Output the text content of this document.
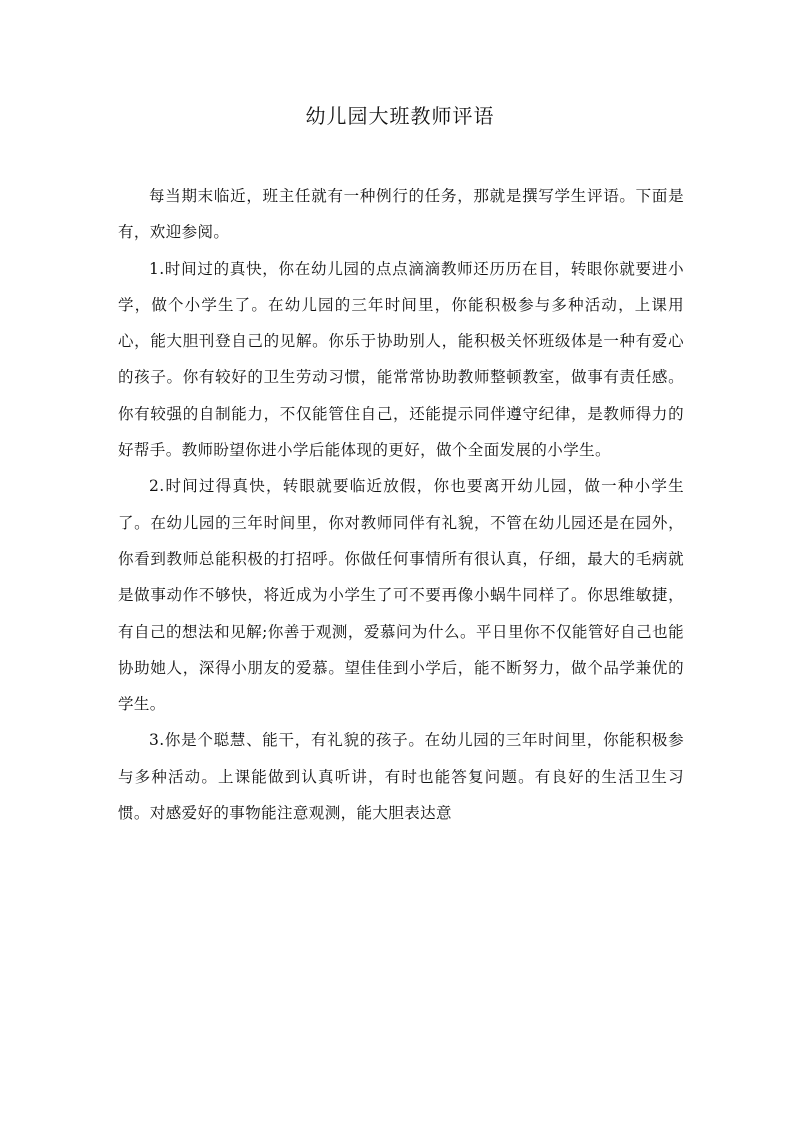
幼儿园大班教师评语

每当期末临近，班主任就有一种例行的任务，那就是撰写学生评语。下面是有，欢迎参阅。

1.时间过的真快，你在幼儿园的点点滴滴教师还历历在目，转眼你就要进小学，做个小学生了。在幼儿园的三年时间里，你能积极参与多种活动，上课用心，能大胆刊登自己的见解。你乐于协助别人，能积极关怀班级体是一种有爱心的孩子。你有较好的卫生劳动习惯，能常常协助教师整顿教室，做事有责任感。你有较强的自制能力，不仅能管住自己，还能提示同伴遵守纪律，是教师得力的好帮手。教师盼望你进小学后能体现的更好，做个全面发展的小学生。

2.时间过得真快，转眼就要临近放假，你也要离开幼儿园，做一种小学生了。在幼儿园的三年时间里，你对教师同伴有礼貌，不管在幼儿园还是在园外，你看到教师总能积极的打招呼。你做任何事情所有很认真，仔细，最大的毛病就是做事动作不够快，将近成为小学生了可不要再像小蜗牛同样了。你思维敏捷，有自己的想法和见解;你善于观测，爱慕问为什么。平日里你不仅能管好自己也能协助她人，深得小朋友的爱慕。望佳佳到小学后，能不断努力，做个品学兼优的学生。

3.你是个聪慧、能干，有礼貌的孩子。在幼儿园的三年时间里，你能积极参与多种活动。上课能做到认真听讲，有时也能答复问题。有良好的生活卫生习惯。对感爱好的事物能注意观测，能大胆表达意
